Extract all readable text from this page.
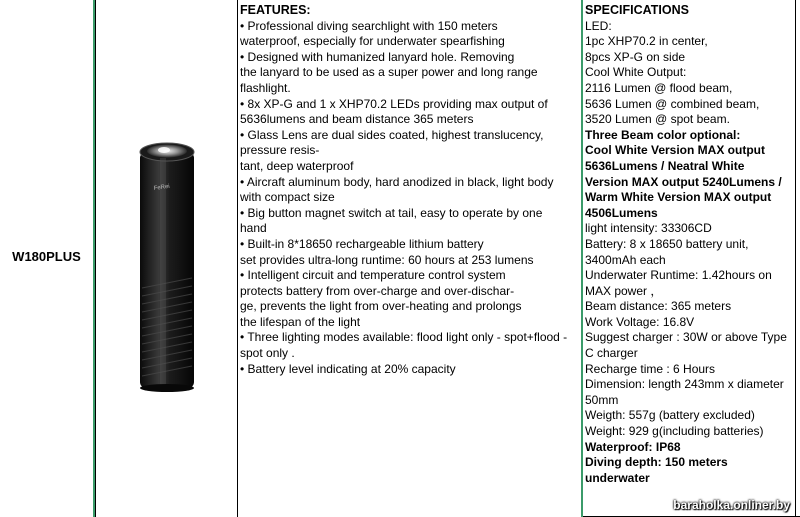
W180PLUS
FeRei
FEATURES:
• Professional diving searchlight with 150 meters
waterproof, especially for underwater spearfishing
• Designed with humanized lanyard hole. Removing
the lanyard to be used as a super power and long range
flashlight.
• 8x XP-G and 1 x XHP70.2 LEDs providing max output of
5636lumens and beam distance 365 meters
• Glass Lens are dual sides coated, highest translucency,
pressure resis-
tant, deep waterproof
• Aircraft aluminum body, hard anodized in black, light body
with compact size
• Big button magnet switch at tail, easy to operate by one
hand
• Built-in 8*18650 rechargeable lithium battery
set provides ultra-long runtime: 60 hours at 253 lumens
• Intelligent circuit and temperature control system
protects battery from over-charge and over-dischar-
ge, prevents the light from over-heating and prolongs
the lifespan of the light
• Three lighting modes available: flood light only - spot+flood -
spot only .
• Battery level indicating at 20% capacity
SPECIFICATIONS
LED:
1pc XHP70.2 in center,
8pcs XP-G on side
Cool White Output:
2116 Lumen @ flood beam,
5636 Lumen @ combined beam,
3520 Lumen @ spot beam.
Three Beam color optional:
Cool White Version MAX output
5636Lumens / Neatral White
Version MAX output 5240Lumens /
Warm White Version MAX output
4506Lumens
light intensity: 33306CD
Battery: 8 x 18650 battery unit,
3400mAh each
Underwater Runtime: 1.42hours on
MAX power ，
Beam distance: 365 meters
Work Voltage: 16.8V
Suggest charger : 30W or above Type
C charger
Recharge time : 6 Hours
Dimension: length 243mm x diameter
50mm
Weigth: 557g (battery excluded)
Weight: 929 g(including batteries)
Waterproof: IP68
Diving depth: 150 meters
underwater
baraholka.onliner.by
